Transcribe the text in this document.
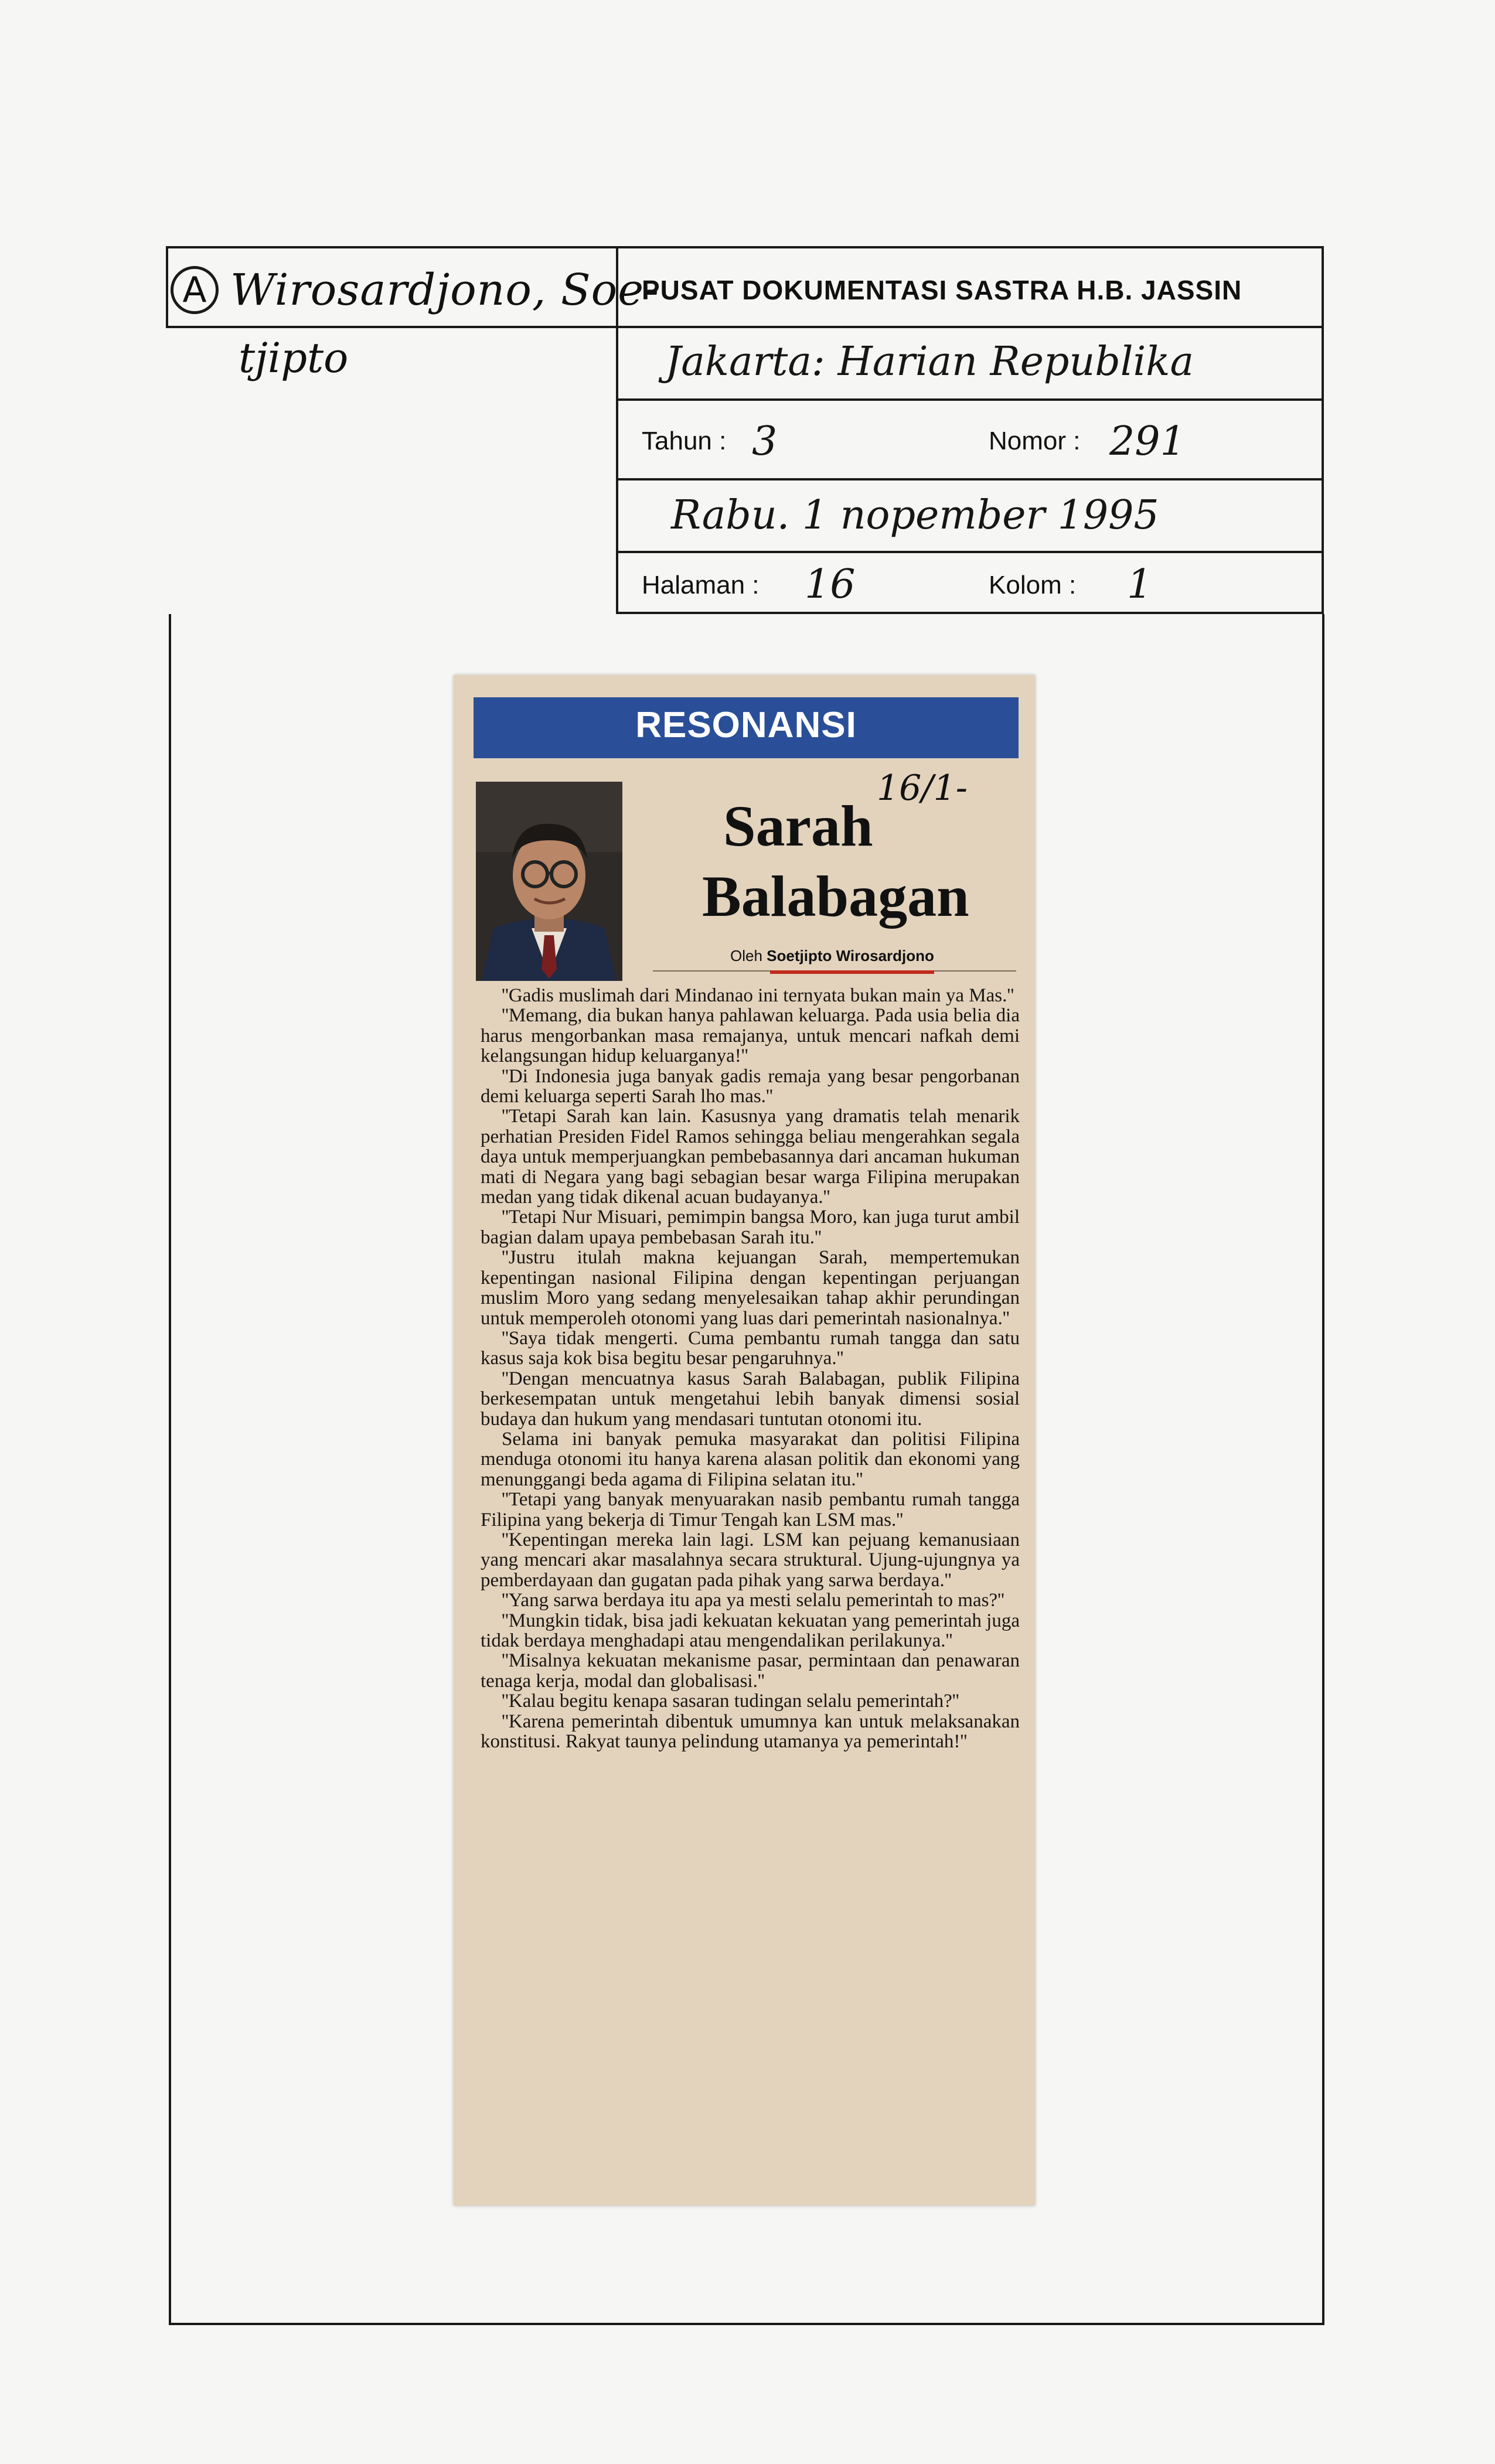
A Wirosardjono, Soe-
tjipto
PUSAT DOKUMENTASI SASTRA H.B. JASSIN
Jakarta: Harian Republika
Tahun : 3	Nomor : 291
Rabu. 1 nopember 1995
Halaman : 16	Kolom : 1
RESONANSI
Sarah
16/1-
Balabagan
Oleh Soetjipto Wirosardjono

''Gadis muslimah dari Mindanao ini ternyata bukan main ya Mas.''

''Memang, dia bukan hanya pahlawan keluarga. Pada usia belia dia harus mengorbankan masa remajanya, untuk mencari nafkah demi kelangsungan hidup keluarganya!''

''Di Indonesia juga banyak gadis remaja yang besar pengorbanan demi keluarga seperti Sarah lho mas.''

''Tetapi Sarah kan lain. Kasusnya yang dramatis telah menarik perhatian Presiden Fidel Ramos sehingga beliau mengerahkan segala daya untuk memperjuangkan pembebasannya dari ancaman hukuman mati di Negara yang bagi sebagian besar warga Filipina merupakan medan yang tidak dikenal acuan budayanya.''

''Tetapi Nur Misuari, pemimpin bangsa Moro, kan juga turut ambil bagian dalam upaya pembebasan Sarah itu.''

''Justru itulah makna kejuangan Sarah, mempertemukan kepentingan nasional Filipina dengan kepentingan perjuangan muslim Moro yang sedang menyelesaikan tahap akhir perundingan untuk memperoleh otonomi yang luas dari pemerintah nasionalnya.''

''Saya tidak mengerti. Cuma pembantu rumah tangga dan satu kasus saja kok bisa begitu besar pengaruhnya.''

''Dengan mencuatnya kasus Sarah Balabagan, publik Filipina berkesempatan untuk mengetahui lebih banyak dimensi sosial budaya dan hukum yang mendasari tuntutan otonomi itu.

Selama ini banyak pemuka masyarakat dan politisi Filipina menduga otonomi itu hanya karena alasan politik dan ekonomi yang menunggangi beda agama di Filipina selatan itu.''

''Tetapi yang banyak menyuarakan nasib pembantu rumah tangga Filipina yang bekerja di Timur Tengah kan LSM mas.''

''Kepentingan mereka lain lagi. LSM kan pejuang kemanusiaan yang mencari akar masalahnya secara struktural. Ujung-ujungnya ya pemberdayaan dan gugatan pada pihak yang sarwa berdaya.''

''Yang sarwa berdaya itu apa ya mesti selalu pemerintah to mas?''

''Mungkin tidak, bisa jadi kekuatan kekuatan yang pemerintah juga tidak berdaya menghadapi atau mengendalikan perilakunya.''

''Misalnya kekuatan mekanisme pasar, permintaan dan penawaran tenaga kerja, modal dan globalisasi.''

''Kalau begitu kenapa sasaran tudingan selalu pemerintah?''

''Karena pemerintah dibentuk umumnya kan untuk melaksanakan konstitusi. Rakyat taunya pelindung utamanya ya pemerintah!''
